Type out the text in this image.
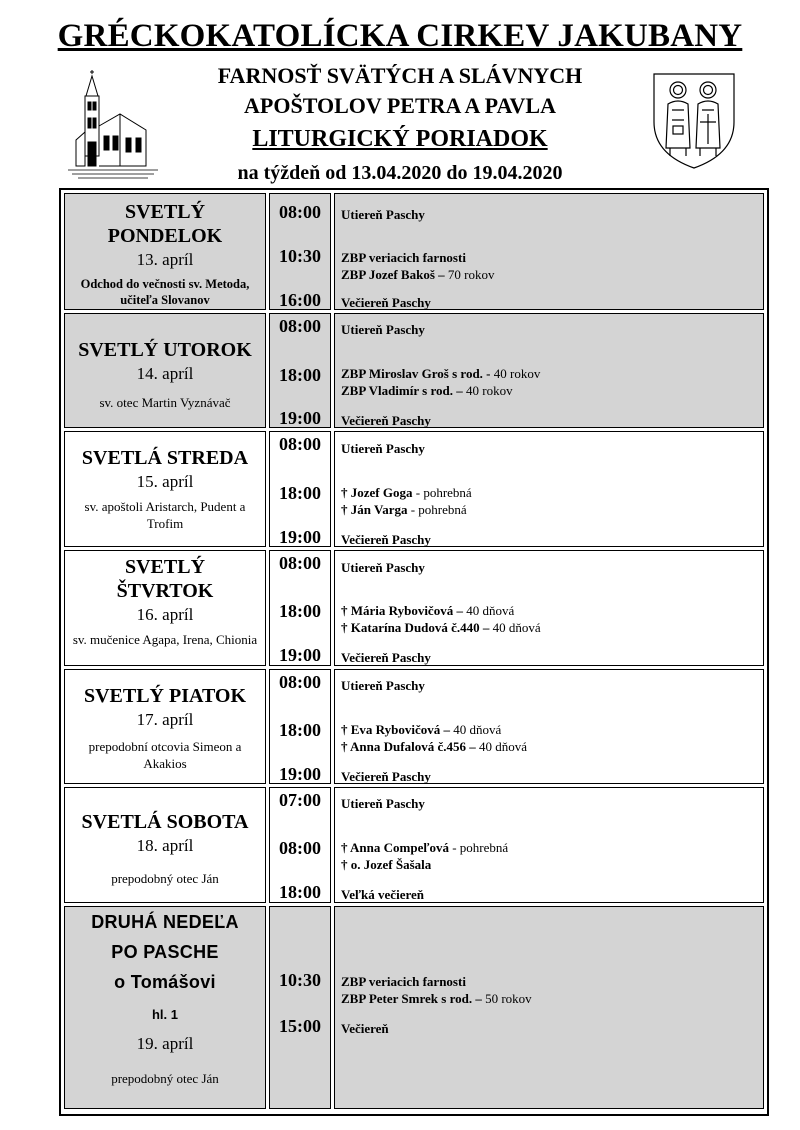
GRÉCKOKATOLÍCKA CIRKEV JAKUBANY
FARNOSŤ SVÄTÝCH A SLÁVNYCH
APOŠTOLOV PETRA A PAVLA
LITURGICKÝ PORIADOK
na týždeň od 13.04.2020 do 19.04.2020
SVETLÝ PONDELOK
13. apríl
Odchod do večnosti sv. Metoda, učiteľa Slovanov
08:00
10:30
16:00
Utiereň Paschy
ZBP veriacich farnosti
ZBP Jozef Bakoš – 70 rokov
Večiereň Paschy
SVETLÝ UTOROK
14. apríl
sv. otec Martin Vyznávač
08:00
18:00
19:00
Utiereň Paschy
ZBP Miroslav Groš s rod. - 40 rokov
ZBP Vladimír s rod. – 40 rokov
Večiereň Paschy
SVETLÁ STREDA
15. apríl
sv. apoštoli Aristarch, Pudent a Trofim
08:00
18:00
19:00
Utiereň Paschy
† Jozef Goga - pohrebná
† Ján Varga - pohrebná
Večiereň Paschy
SVETLÝ
ŠTVRTOK
16. apríl
sv. mučenice Agapa, Irena, Chionia
08:00
18:00
19:00
Utiereň Paschy
† Mária Rybovičová – 40 dňová
† Katarína Dudová č.440 – 40 dňová
Večiereň Paschy
SVETLÝ PIATOK
17. apríl
prepodobní otcovia Simeon a Akakios
08:00
18:00
19:00
Utiereň Paschy
† Eva Rybovičová – 40 dňová
† Anna Dufalová č.456 – 40 dňová
Večiereň Paschy
SVETLÁ SOBOTA
18. apríl
prepodobný otec Ján
07:00
08:00
18:00
Utiereň Paschy
† Anna Compeľová - pohrebná
† o. Jozef Šašala
Veľká večiereň
DRUHÁ NEDEĽA
PO PASCHE
o Tomášovi
hl. 1
19. apríl
prepodobný otec Ján
10:30
15:00
ZBP veriacich farnosti
ZBP Peter Smrek s rod. – 50 rokov
Večiereň
